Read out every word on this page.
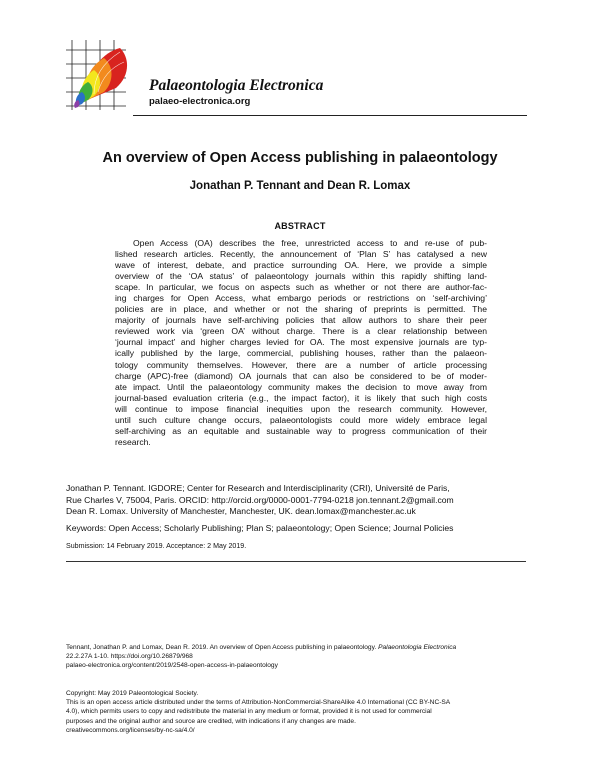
Palaeontologia Electronica
palaeo-electronica.org
An overview of Open Access publishing in palaeontology
Jonathan P. Tennant and Dean R. Lomax
ABSTRACT
Open Access (OA) describes the free, unrestricted access to and re-use of pub-
lished research articles. Recently, the announcement of ‘Plan S’ has catalysed a new
wave of interest, debate, and practice surrounding OA. Here, we provide a simple
overview of the ‘OA status’ of palaeontology journals within this rapidly shifting land-
scape. In particular, we focus on aspects such as whether or not there are author-fac-
ing charges for Open Access, what embargo periods or restrictions on ‘self-archiving’
policies are in place, and whether or not the sharing of preprints is permitted. The
majority of journals have self-archiving policies that allow authors to share their peer
reviewed work via ‘green OA’ without charge. There is a clear relationship between
‘journal impact’ and higher charges levied for OA. The most expensive journals are typ-
ically published by the large, commercial, publishing houses, rather than the palaeon-
tology community themselves. However, there are a number of article processing
charge (APC)-free (diamond) OA journals that can also be considered to be of moder-
ate impact. Until the palaeontology community makes the decision to move away from
journal-based evaluation criteria (e.g., the impact factor), it is likely that such high costs
will continue to impose financial inequities upon the research community. However,
until such culture change occurs, palaeontologists could more widely embrace legal
self-archiving as an equitable and sustainable way to progress communication of their
research.
Jonathan P. Tennant. IGDORE; Center for Research and Interdisciplinarity (CRI), Université de Paris,
Rue Charles V, 75004, Paris. ORCID: http://orcid.org/0000-0001-7794-0218 jon.tennant.2@gmail.com
Dean R. Lomax. University of Manchester, Manchester, UK. dean.lomax@manchester.ac.uk
Keywords: Open Access; Scholarly Publishing; Plan S; palaeontology; Open Science; Journal Policies
Submission: 14 February 2019. Acceptance: 2 May 2019.
Tennant, Jonathan P. and Lomax, Dean R. 2019. An overview of Open Access publishing in palaeontology. Palaeontologia Electronica
22.2.27A 1-10. https://doi.org/10.26879/968
palaeo-electronica.org/content/2019/2548-open-access-in-palaeontology
Copyright: May 2019 Paleontological Society.
This is an open access article distributed under the terms of Attribution-NonCommercial-ShareAlike 4.0 International (CC BY-NC-SA
4.0), which permits users to copy and redistribute the material in any medium or format, provided it is not used for commercial
purposes and the original author and source are credited, with indications if any changes are made.
creativecommons.org/licenses/by-nc-sa/4.0/
